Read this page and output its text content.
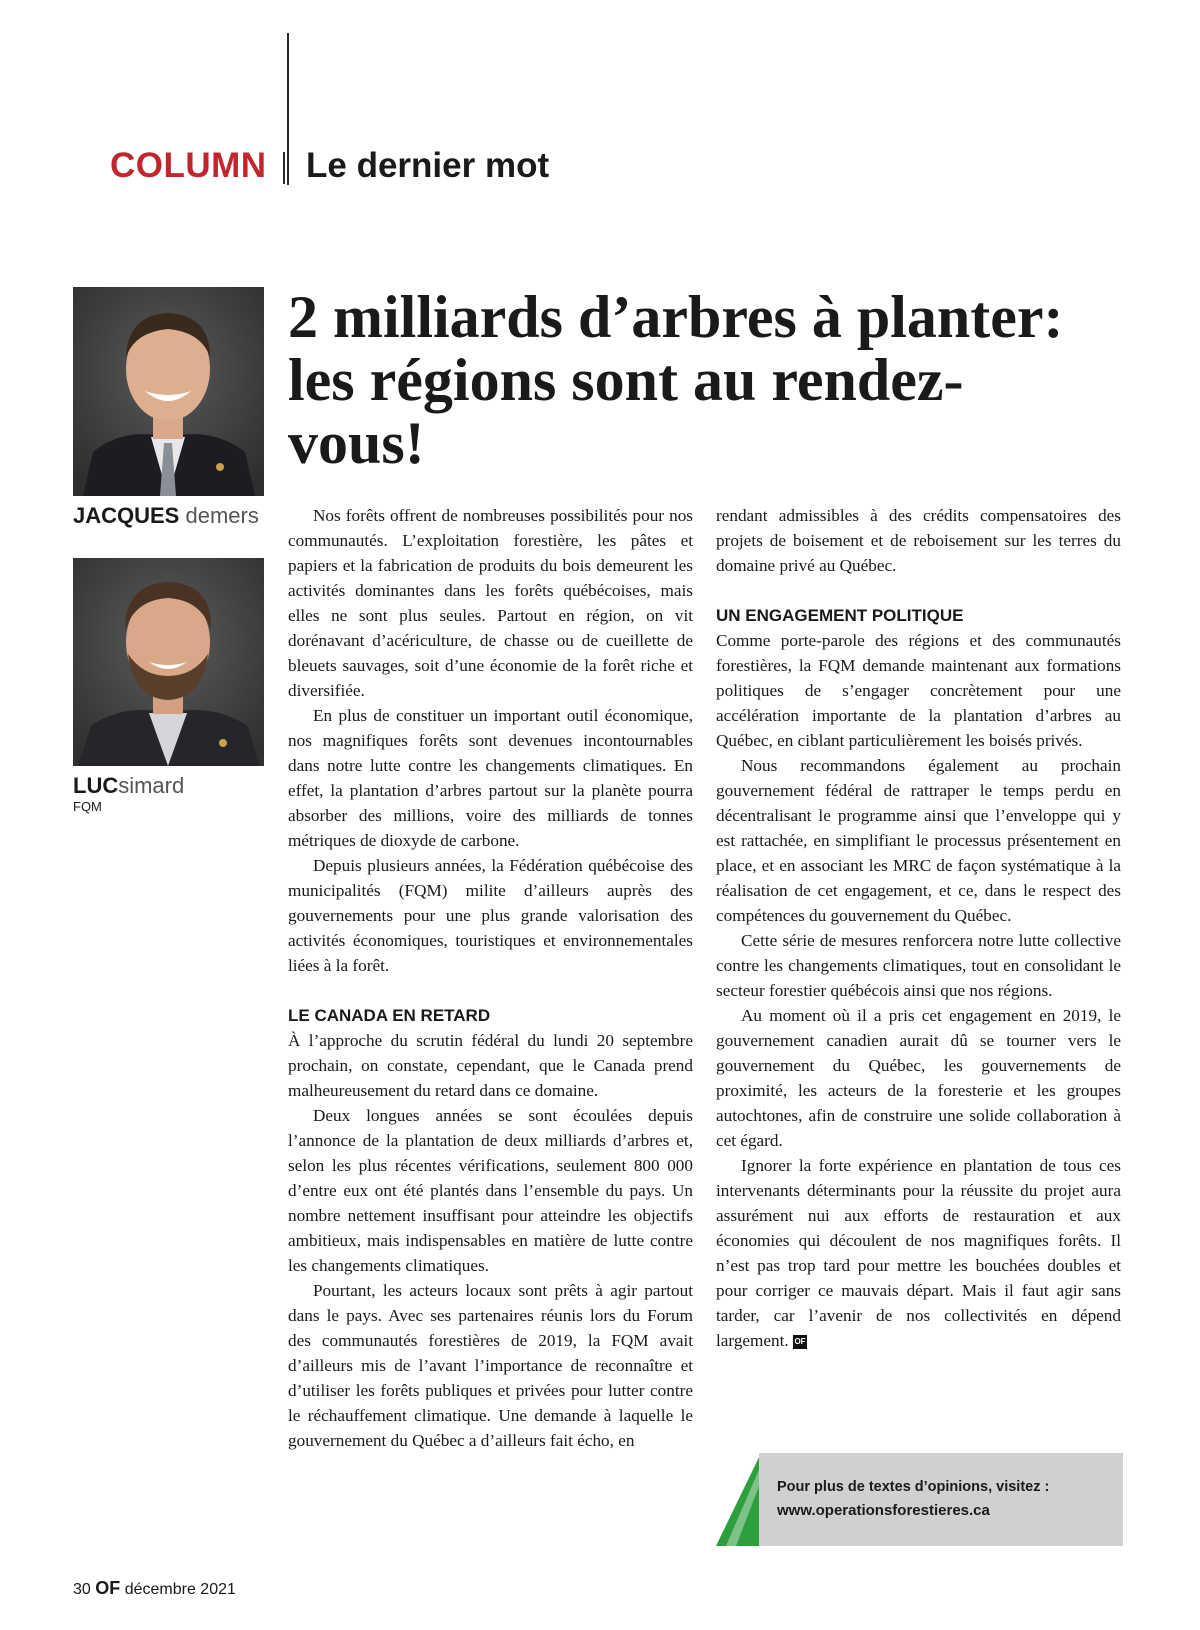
COLUMN Le dernier mot
JACQUES demers
LUCsimard
FQM
2 milliards d’arbres à planter: les régions sont au rendez-vous!

Nos forêts offrent de nombreuses possibilités pour nos communautés. L’exploitation forestière, les pâtes et papiers et la fabrication de produits du bois demeurent les activités dominantes dans les forêts québécoises, mais elles ne sont plus seules. Partout en région, on vit dorénavant d’acériculture, de chasse ou de cueillette de bleuets sauvages, soit d’une économie de la forêt riche et diversifiée.

En plus de constituer un important outil économique, nos magnifiques forêts sont devenues incontournables dans notre lutte contre les changements climatiques. En effet, la plantation d’arbres partout sur la planète pourra absorber des millions, voire des milliards de tonnes métriques de dioxyde de carbone.

Depuis plusieurs années, la Fédération québécoise des municipalités (FQM) milite d’ailleurs auprès des gouvernements pour une plus grande valorisation des activités économiques, touristiques et environnementales liées à la forêt.

LE CANADA EN RETARD

À l’approche du scrutin fédéral du lundi 20 septembre prochain, on constate, cependant, que le Canada prend malheureusement du retard dans ce domaine.

Deux longues années se sont écoulées depuis l’annonce de la plantation de deux milliards d’arbres et, selon les plus récentes vérifications, seulement 800 000 d’entre eux ont été plantés dans l’ensemble du pays. Un nombre nettement insuffisant pour atteindre les objectifs ambitieux, mais indispensables en matière de lutte contre les changements climatiques.

Pourtant, les acteurs locaux sont prêts à agir partout dans le pays. Avec ses partenaires réunis lors du Forum des communautés forestières de 2019, la FQM avait d’ailleurs mis de l’avant l’importance de reconnaître et d’utiliser les forêts publiques et privées pour lutter contre le réchauffement climatique. Une demande à laquelle le gouvernement du Québec a d’ailleurs fait écho, en

rendant admissibles à des crédits compensatoires des projets de boisement et de reboisement sur les terres du domaine privé au Québec.

UN ENGAGEMENT POLITIQUE

Comme porte-parole des régions et des communautés forestières, la FQM demande maintenant aux formations politiques de s’engager concrètement pour une accélération importante de la plantation d’arbres au Québec, en ciblant particulièrement les boisés privés.

Nous recommandons également au prochain gouvernement fédéral de rattraper le temps perdu en décentralisant le programme ainsi que l’enveloppe qui y est rattachée, en simplifiant le processus présentement en place, et en associant les MRC de façon systématique à la réalisation de cet engagement, et ce, dans le respect des compétences du gouvernement du Québec.

Cette série de mesures renforcera notre lutte collective contre les changements climatiques, tout en consolidant le secteur forestier québécois ainsi que nos régions.

Au moment où il a pris cet engagement en 2019, le gouvernement canadien aurait dû se tourner vers le gouvernement du Québec, les gouvernements de proximité, les acteurs de la foresterie et les groupes autochtones, afin de construire une solide collaboration à cet égard.

Ignorer la forte expérience en plantation de tous ces intervenants déterminants pour la réussite du projet aura assurément nui aux efforts de restauration et aux économies qui découlent de nos magnifiques forêts. Il n’est pas trop tard pour mettre les bouchées doubles et pour corriger ce mauvais départ. Mais il faut agir sans tarder, car l’avenir de nos collectivités en dépend largement. OF

Pour plus de textes d’opinions, visitez :
www.operationsforestieres.ca
30 OF décembre 2021
